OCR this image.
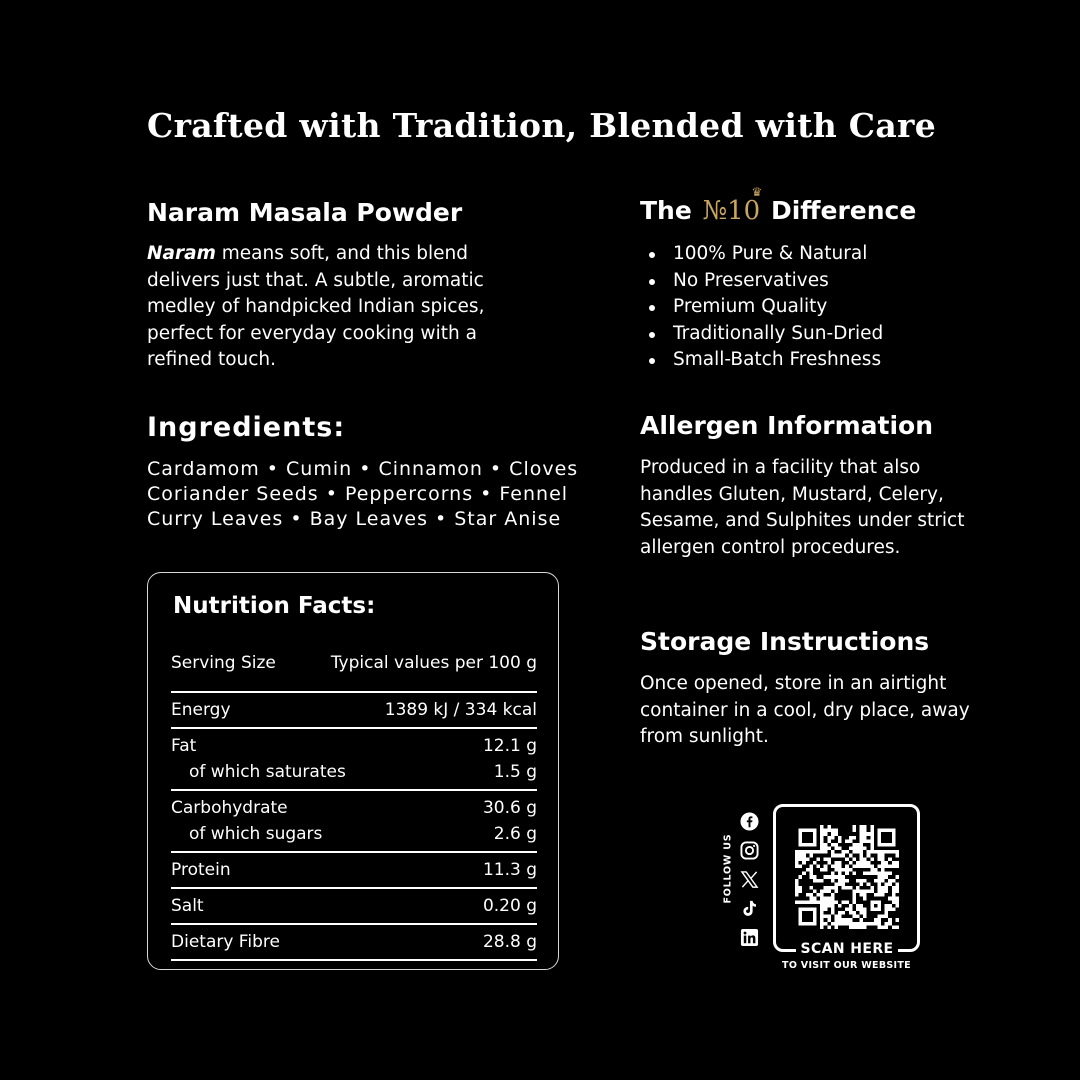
Crafted with Tradition, Blended with Care
Naram Masala Powder

Naram means soft, and this blend delivers just that. A subtle, aromatic medley of handpicked Indian spices, perfect for everyday cooking with a refined touch.

The №10
♛
Difference
100% Pure & Natural
No Preservatives
Premium Quality
Traditionally Sun-Dried
Small-Batch Freshness
Ingredients:
Cardamom • Cumin • Cinnamon • Cloves
Coriander Seeds • Peppercorns • Fennel
Curry Leaves • Bay Leaves • Star Anise
Allergen Information
Produced in a facility that also handles Gluten, Mustard, Celery, Sesame, and Sulphites under strict allergen control procedures.
Storage Instructions
Once opened, store in an airtight container in a cool, dry place, away from sunlight.
Nutrition Facts:
Serving Size	Typical values per 100 g
Energy	1389 kJ / 334 kcal
Fat	12.1 g
of which saturates	1.5 g
Carbohydrate	30.6 g
of which sugars	2.6 g
Protein	11.3 g
Salt	0.20 g
Dietary Fibre	28.8 g
FOLLOW US
SCAN HERE
TO VISIT OUR WEBSITE
